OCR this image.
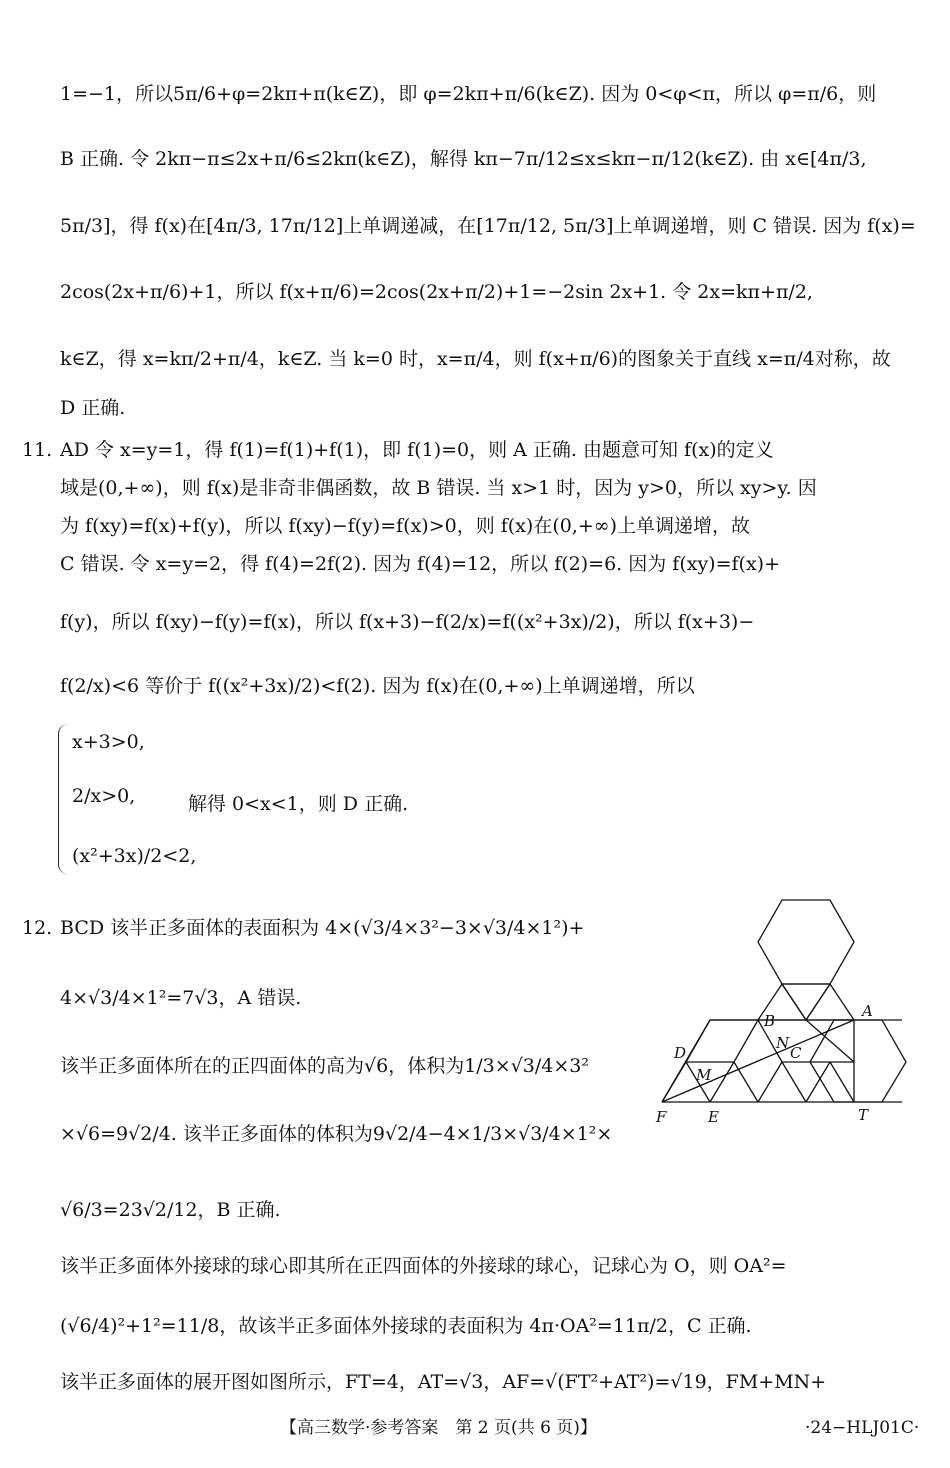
1=−1，所以5π/6+φ=2kπ+π(k∈Z)，即 φ=2kπ+π/6(k∈Z). 因为 0<φ<π，所以 φ=π/6，则
B 正确. 令 2kπ−π≤2x+π/6≤2kπ(k∈Z)，解得 kπ−7π/12≤x≤kπ−π/12(k∈Z). 由 x∈[4π/3,
5π/3]，得 f(x)在[4π/3, 17π/12]上单调递减，在[17π/12, 5π/3]上单调递增，则 C 错误. 因为 f(x)=
2cos(2x+π/6)+1，所以 f(x+π/6)=2cos(2x+π/2)+1=−2sin 2x+1. 令 2x=kπ+π/2,
k∈Z，得 x=kπ/2+π/4，k∈Z. 当 k=0 时，x=π/4，则 f(x+π/6)的图象关于直线 x=π/4对称，故
D 正确.
11. AD 令 x=y=1，得 f(1)=f(1)+f(1)，即 f(1)=0，则 A 正确. 由题意可知 f(x)的定义
域是(0,+∞)，则 f(x)是非奇非偶函数，故 B 错误. 当 x>1 时，因为 y>0，所以 xy>y. 因
为 f(xy)=f(x)+f(y)，所以 f(xy)−f(y)=f(x)>0，则 f(x)在(0,+∞)上单调递增，故
C 错误. 令 x=y=2，得 f(4)=2f(2). 因为 f(4)=12，所以 f(2)=6. 因为 f(xy)=f(x)+
f(y)，所以 f(xy)−f(y)=f(x)，所以 f(x+3)−f(2/x)=f((x²+3x)/2)，所以 f(x+3)−
f(2/x)<6 等价于 f((x²+3x)/2)<f(2). 因为 f(x)在(0,+∞)上单调递增，所以
x+3>0,
2/x>0,
(x²+3x)/2<2,
解得 0<x<1，则 D 正确.
12. BCD 该半正多面体的表面积为 4×(√3/4×3²−3×√3/4×1²)+
4×√3/4×1²=7√3，A 错误.
该半正多面体所在的正四面体的高为√6，体积为1/3×√3/4×3²
×√6=9√2/4. 该半正多面体的体积为9√2/4−4×1/3×√3/4×1²×
√6/3=23√2/12，B 正确.
该半正多面体外接球的球心即其所在正四面体的外接球的球心，记球心为 O，则 OA²=
(√6/4)²+1²=11/8，故该半正多面体外接球的表面积为 4π·OA²=11π/2，C 正确.
该半正多面体的展开图如图所示，FT=4，AT=√3，AF=√(FT²+AT²)=√19，FM+MN+
B
A
N
C
D
M
F	E	T
【高三数学·参考答案　第 2 页(共 6 页)】	·24−HLJ01C·
